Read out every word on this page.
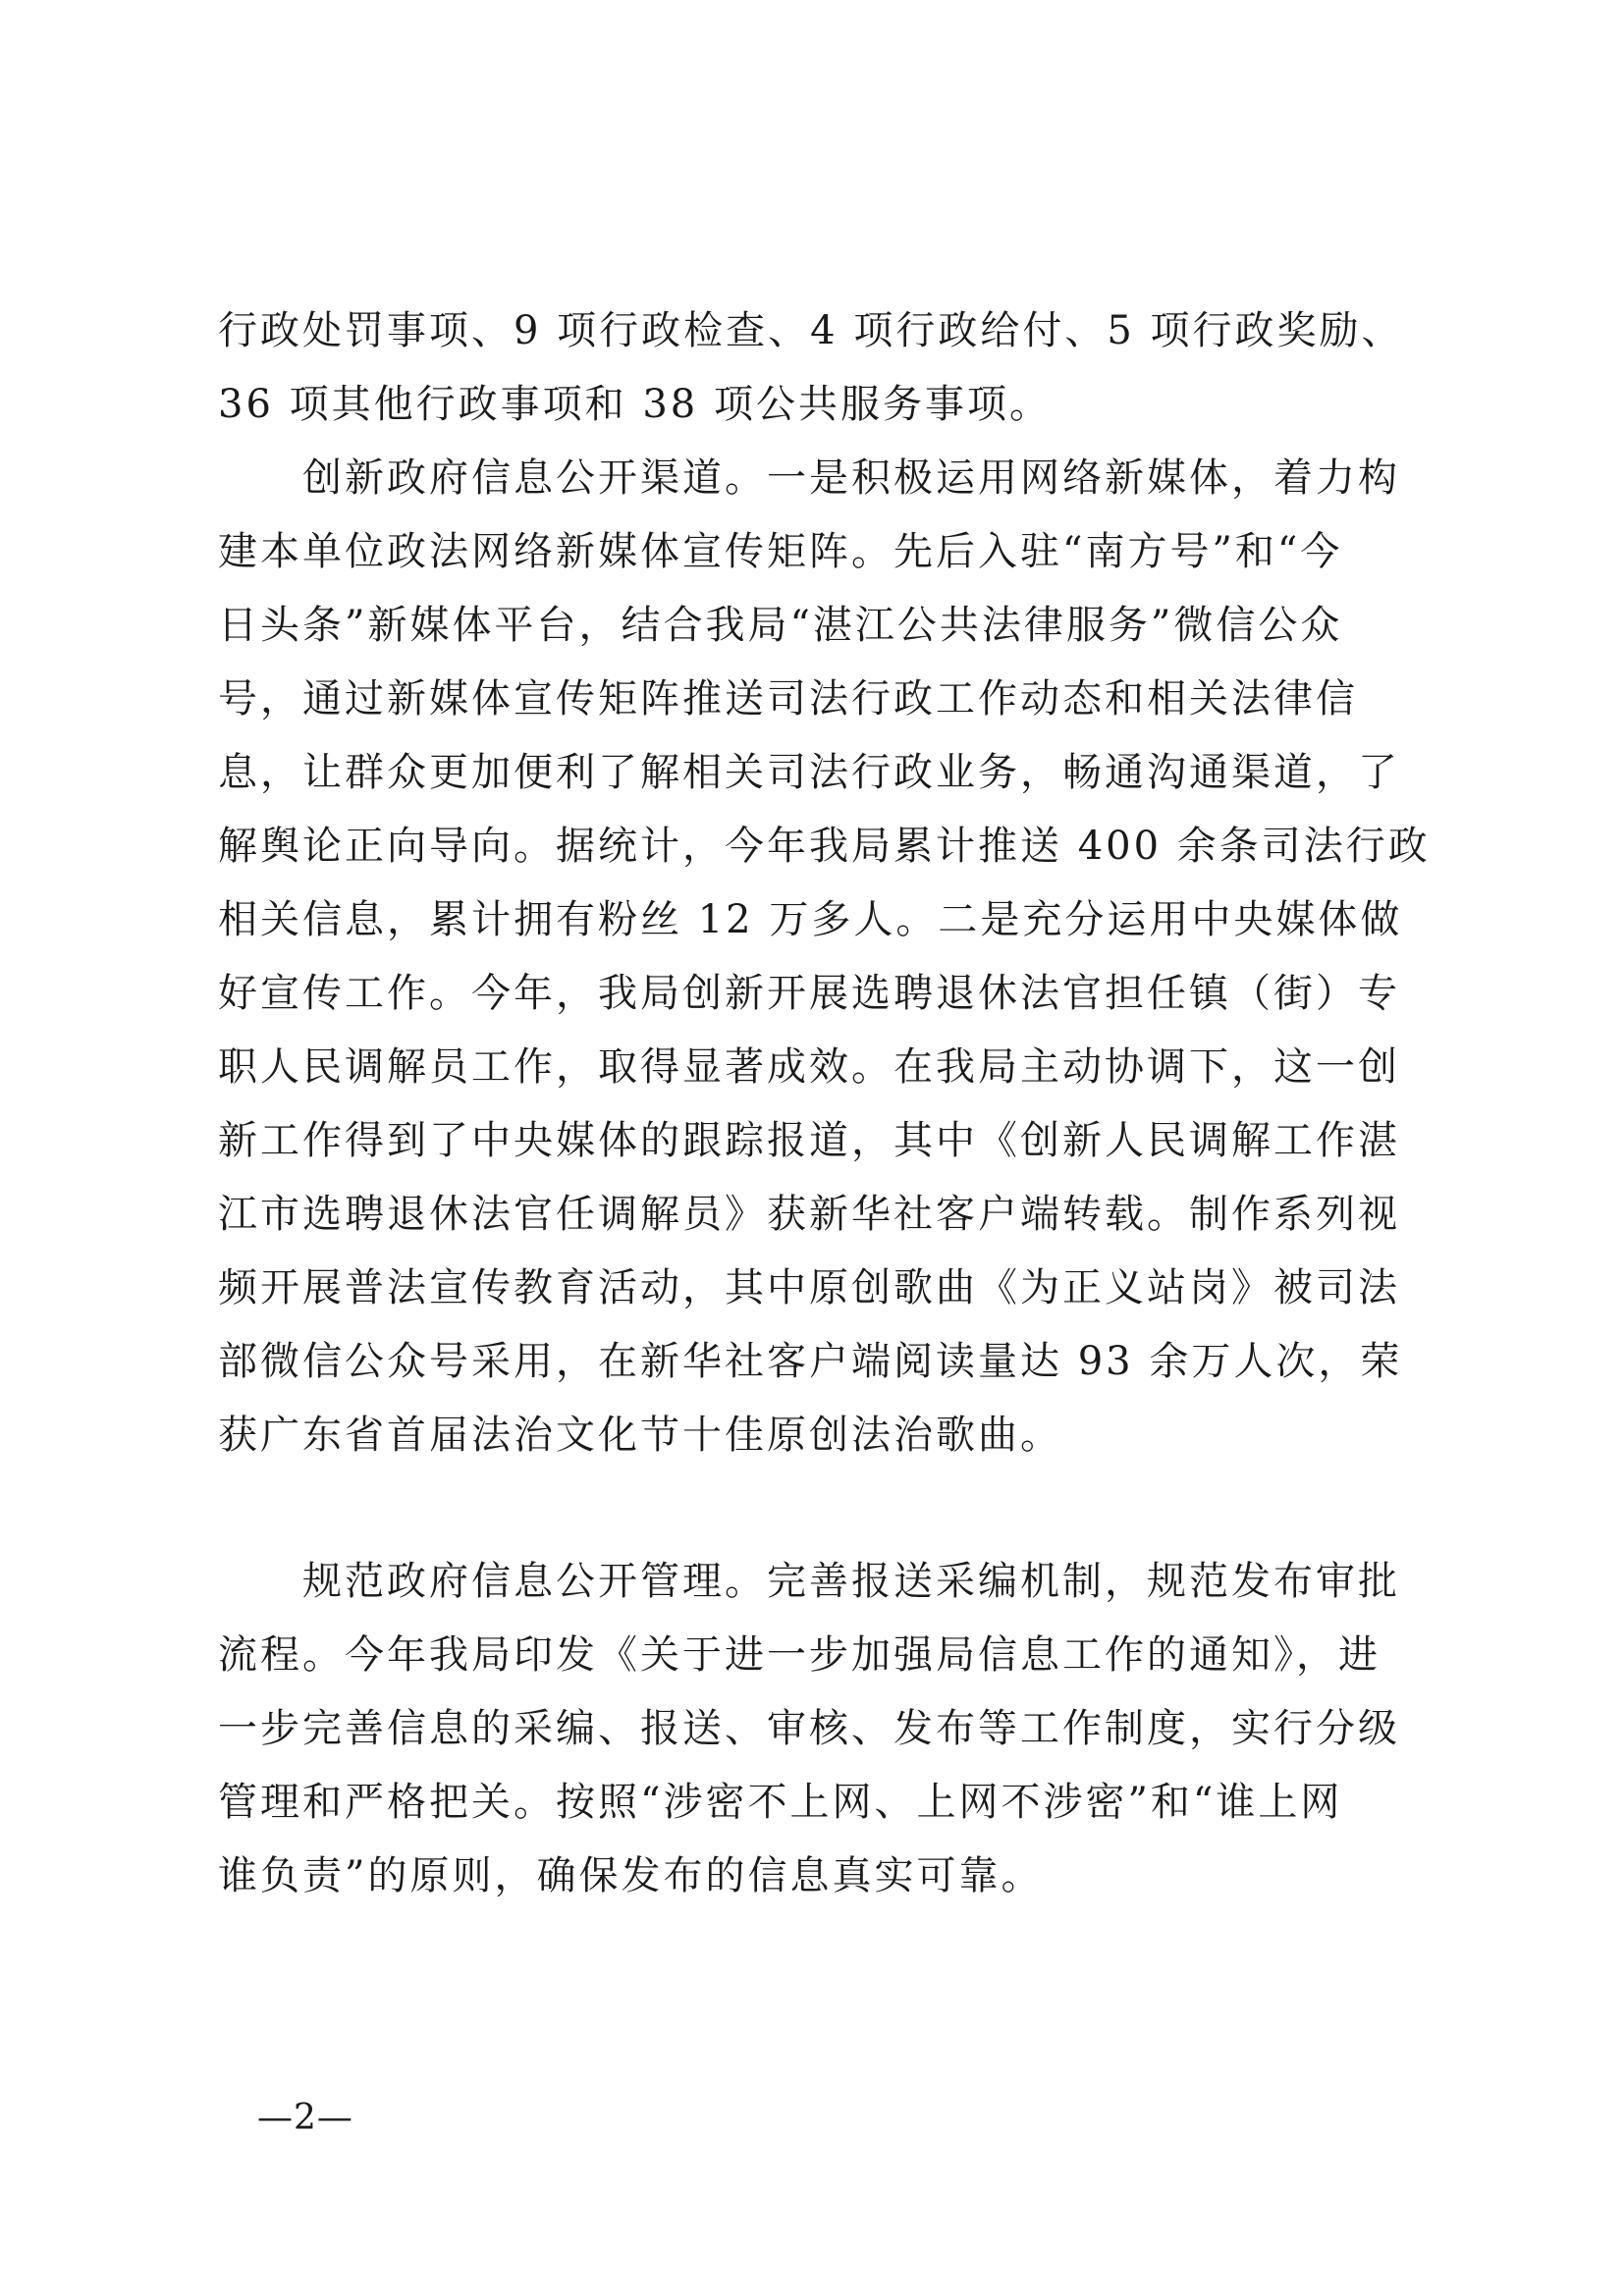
行政处罚事项、9 项行政检查、4 项行政给付、5 项行政奖励、
36 项其他行政事项和 38 项公共服务事项。
　　创新政府信息公开渠道。一是积极运用网络新媒体，着力构
建本单位政法网络新媒体宣传矩阵。先后入驻“南方号”和“今
日头条”新媒体平台，结合我局“湛江公共法律服务”微信公众
号，通过新媒体宣传矩阵推送司法行政工作动态和相关法律信
息，让群众更加便利了解相关司法行政业务，畅通沟通渠道，了
解舆论正向导向。据统计，今年我局累计推送 400 余条司法行政
相关信息，累计拥有粉丝 12 万多人。二是充分运用中央媒体做
好宣传工作。今年，我局创新开展选聘退休法官担任镇（街）专
职人民调解员工作，取得显著成效。在我局主动协调下，这一创
新工作得到了中央媒体的跟踪报道，其中《创新人民调解工作湛
江市选聘退休法官任调解员》获新华社客户端转载。制作系列视
频开展普法宣传教育活动，其中原创歌曲《为正义站岗》被司法
部微信公众号采用，在新华社客户端阅读量达 93 余万人次，荣
获广东省首届法治文化节十佳原创法治歌曲。
　　规范政府信息公开管理。完善报送采编机制，规范发布审批
流程。今年我局印发《关于进一步加强局信息工作的通知》，进
一步完善信息的采编、报送、审核、发布等工作制度，实行分级
管理和严格把关。按照“涉密不上网、上网不涉密”和“谁上网
谁负责”的原则，确保发布的信息真实可靠。
—2—
